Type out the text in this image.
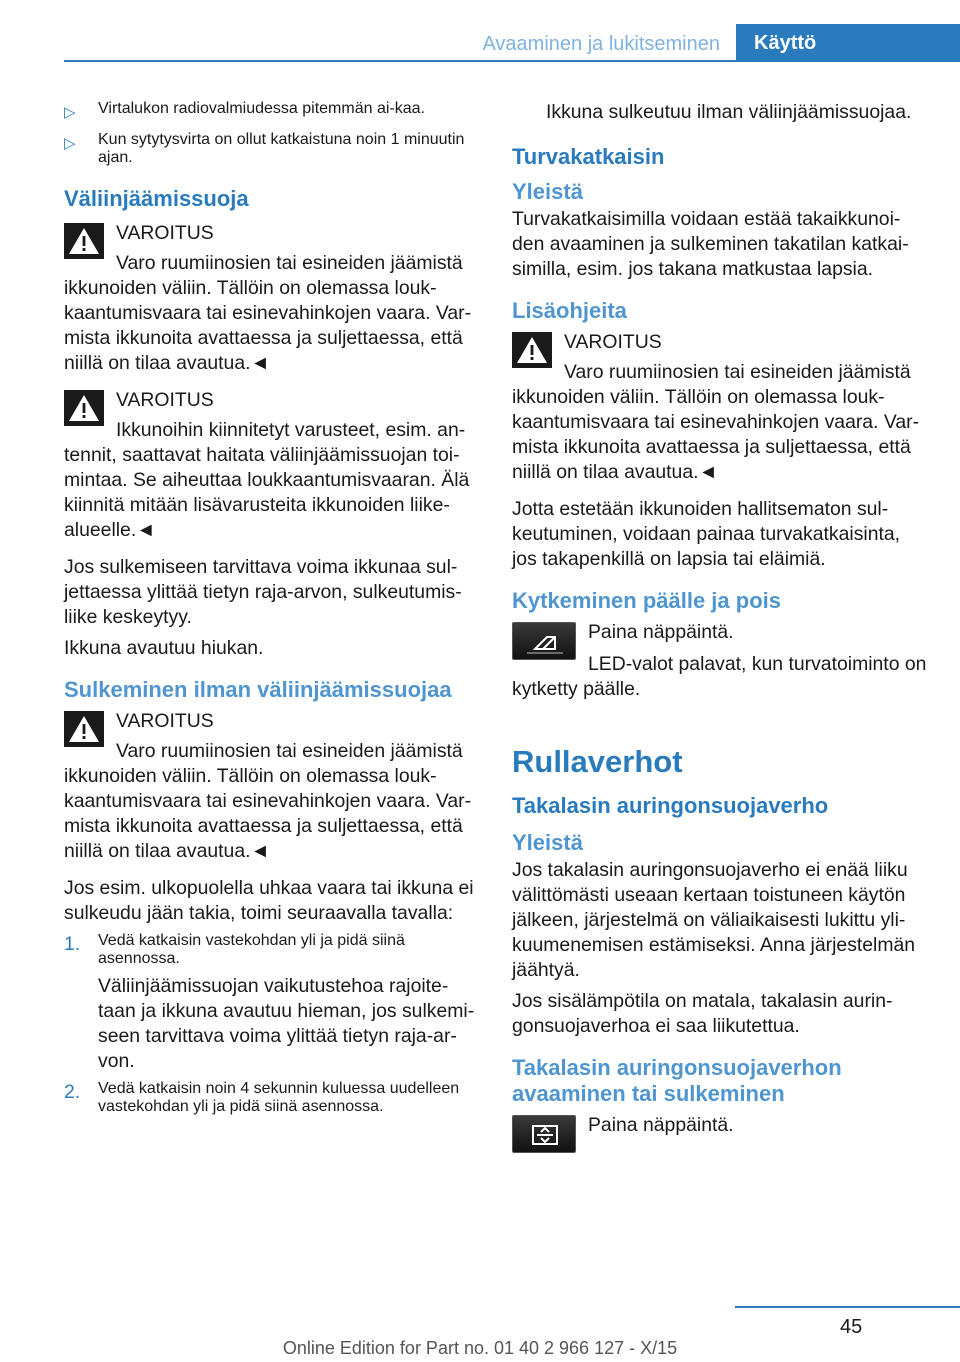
Avaaminen ja lukitseminen	Käyttö
▷	Virtalukon radiovalmiudessa pitemmän ai-kaa.
▷	Kun sytytysvirta on ollut katkaistuna noin 1 minuutin ajan.
Väliinjäämissuoja

VAROITUS

Varo ruumiinosien tai esineiden jäämistä ikkunoiden väliin. Tällöin on olemassa louk-kaantumisvaara tai esinevahinkojen vaara. Var-mista ikkunoita avattaessa ja suljettaessa, että niillä on tilaa avautua.◄

VAROITUS

Ikkunoihin kiinnitetyt varusteet, esim. an-tennit, saattavat haitata väliinjäämissuojan toi-mintaa. Se aiheuttaa loukkaantumisvaaran. Älä kiinnitä mitään lisävarusteita ikkunoiden liike-alueelle.◄

Jos sulkemiseen tarvittava voima ikkunaa sul-jettaessa ylittää tietyn raja-arvon, sulkeutumis-liike keskeytyy.

Ikkuna avautuu hiukan.

Sulkeminen ilman väliinjäämissuojaa

VAROITUS

Varo ruumiinosien tai esineiden jäämistä ikkunoiden väliin. Tällöin on olemassa louk-kaantumisvaara tai esinevahinkojen vaara. Var-mista ikkunoita avattaessa ja suljettaessa, että niillä on tilaa avautua.◄

Jos esim. ulkopuolella uhkaa vaara tai ikkuna ei sulkeudu jään takia, toimi seuraavalla tavalla:

1.	Vedä katkaisin vastekohdan yli ja pidä siinä asennossa.

Väliinjäämissuojan vaikutustehoa rajoite-taan ja ikkuna avautuu hieman, jos sulkemi-seen tarvittava voima ylittää tietyn raja-ar-von.

2.	Vedä katkaisin noin 4 sekunnin kuluessa uudelleen vastekohdan yli ja pidä siinä asennossa.

Ikkuna sulkeutuu ilman väliinjäämissuojaa.

Turvakatkaisin
Yleistä

Turvakatkaisimilla voidaan estää takaikkunoi-den avaaminen ja sulkeminen takatilan katkai-similla, esim. jos takana matkustaa lapsia.

Lisäohjeita

VAROITUS

Varo ruumiinosien tai esineiden jäämistä ikkunoiden väliin. Tällöin on olemassa louk-kaantumisvaara tai esinevahinkojen vaara. Var-mista ikkunoita avattaessa ja suljettaessa, että niillä on tilaa avautua.◄

Jotta estetään ikkunoiden hallitsematon sul-keutuminen, voidaan painaa turvakatkaisinta, jos takapenkillä on lapsia tai eläimiä.

Kytkeminen päälle ja pois

Paina näppäintä.

LED-valot palavat, kun turvatoiminto on kytketty päälle.

Rullaverhot
Takalasin auringonsuojaverho
Yleistä

Jos takalasin auringonsuojaverho ei enää liiku välittömästi useaan kertaan toistuneen käytön jälkeen, järjestelmä on väliaikaisesti lukittu yli-kuumenemisen estämiseksi. Anna järjestelmän jäähtyä.

Jos sisälämpötila on matala, takalasin aurin-gonsuojaverhoa ei saa liikutettua.

Takalasin auringonsuojaverhon avaaminen tai sulkeminen

Paina näppäintä.

45
Online Edition for Part no. 01 40 2 966 127 - X/15
